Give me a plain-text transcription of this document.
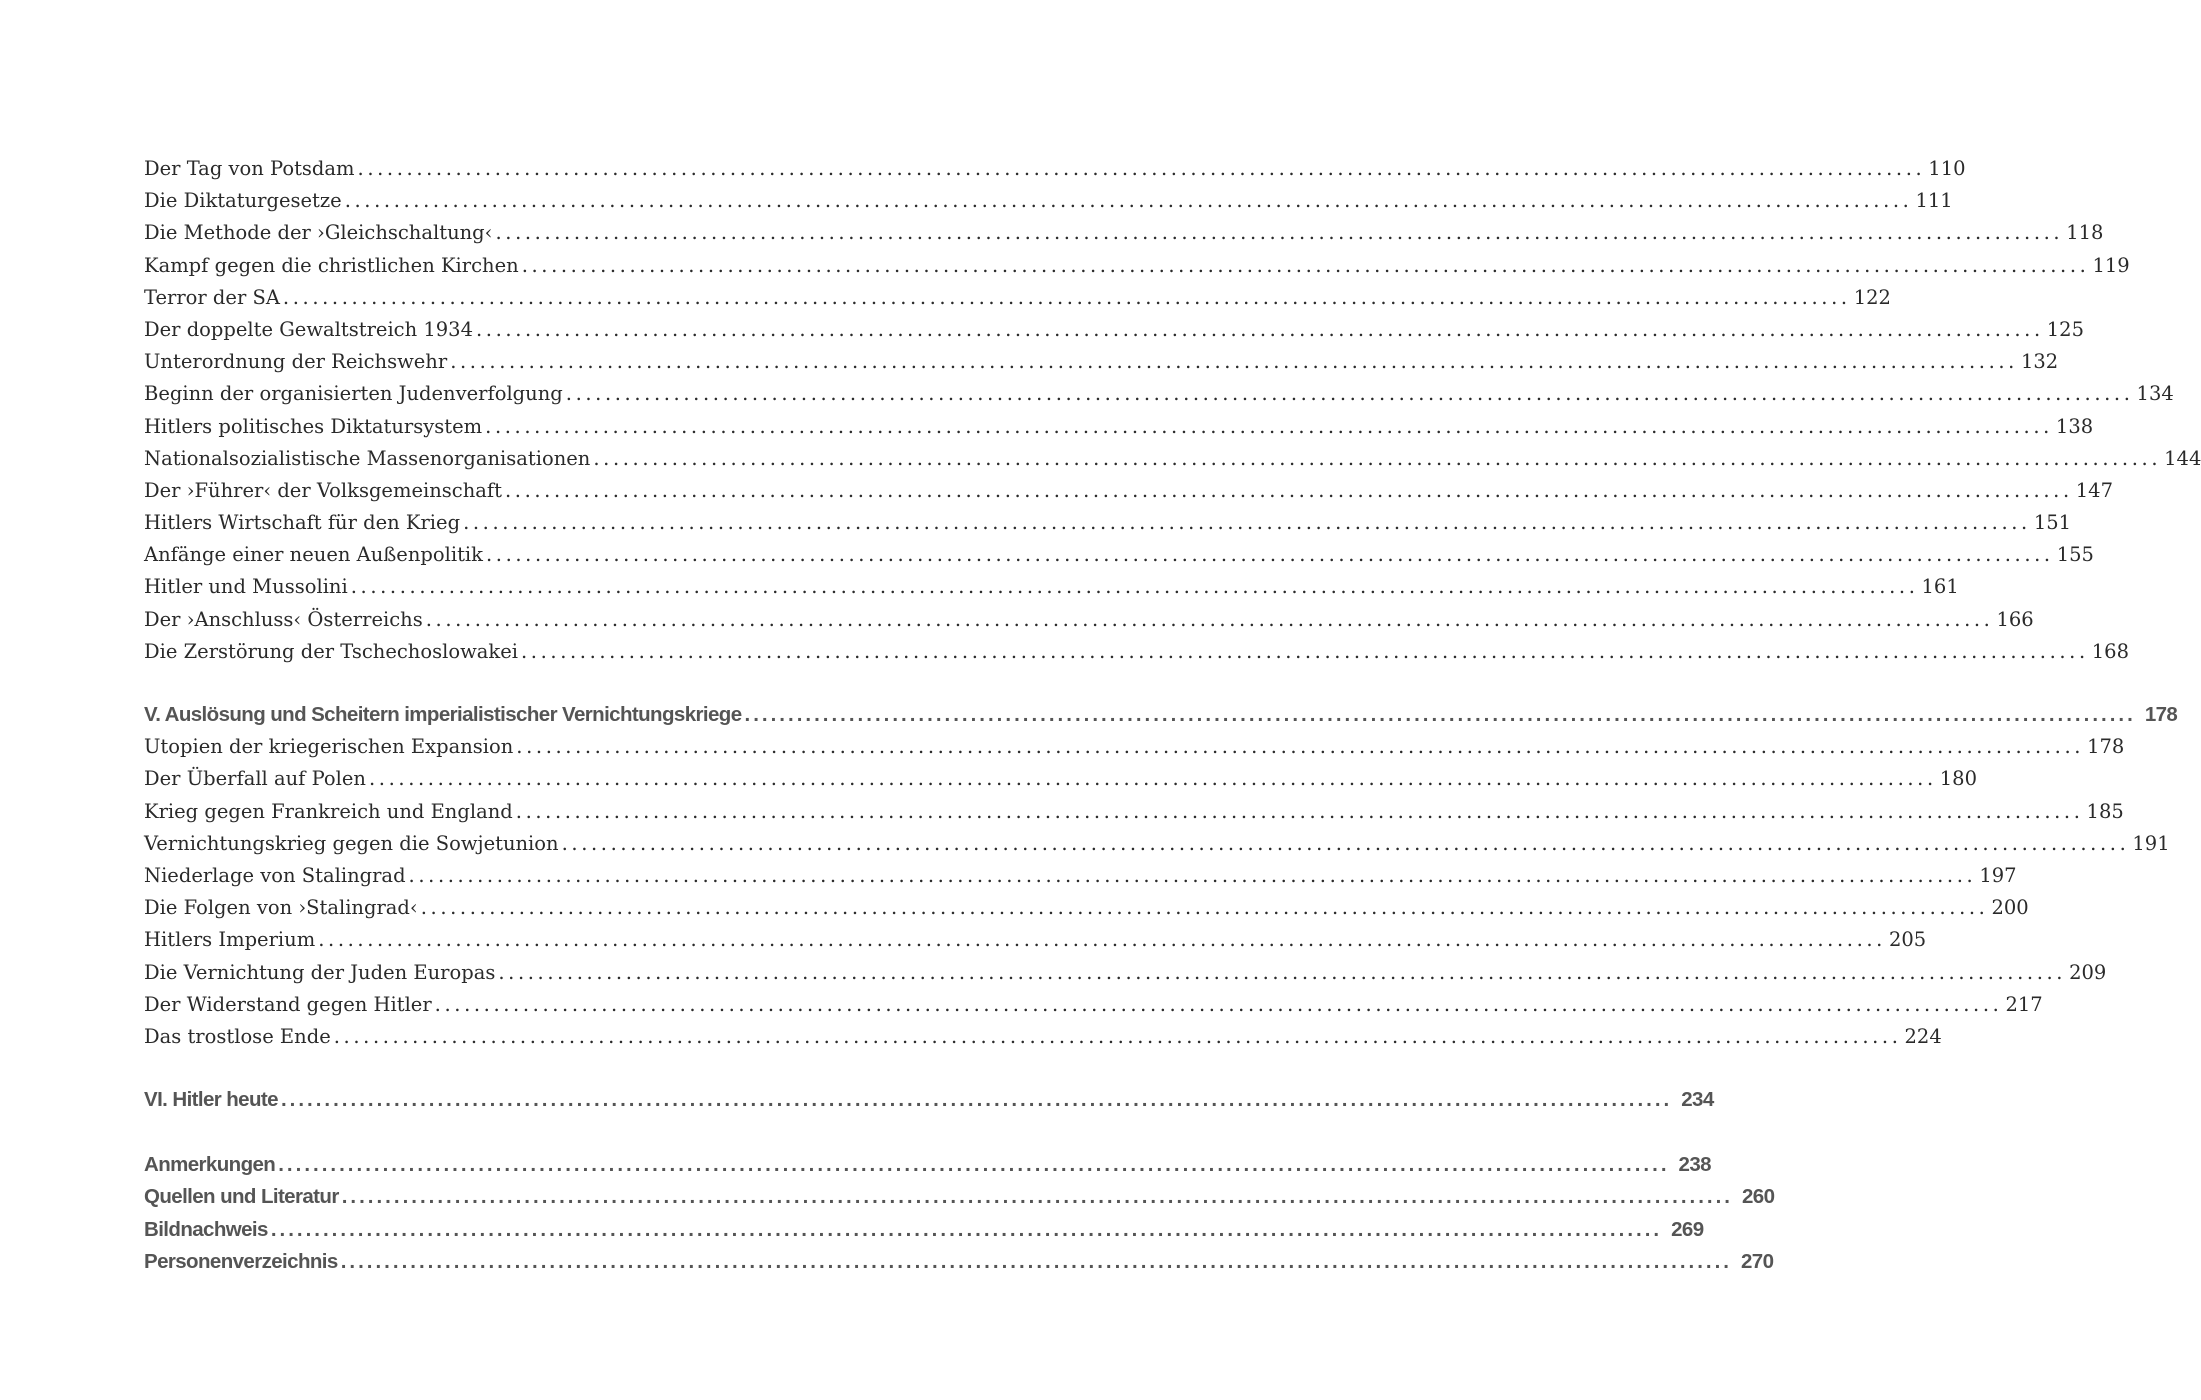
Der Tag von Potsdam ................................................................................................................................................................ 110
Die Diktaturgesetze ................................................................................................................................................................ 111
Die Methode der ›Gleichschaltung‹ ................................................................................................................................................................ 118
Kampf gegen die christlichen Kirchen ................................................................................................................................................................ 119
Terror der SA ................................................................................................................................................................ 122
Der doppelte Gewaltstreich 1934 ................................................................................................................................................................ 125
Unterordnung der Reichswehr ................................................................................................................................................................ 132
Beginn der organisierten Judenverfolgung ................................................................................................................................................................ 134
Hitlers politisches Diktatursystem ................................................................................................................................................................ 138
Nationalsozialistische Massenorganisationen ................................................................................................................................................................ 144
Der ›Führer‹ der Volksgemeinschaft ................................................................................................................................................................ 147
Hitlers Wirtschaft für den Krieg ................................................................................................................................................................ 151
Anfänge einer neuen Außenpolitik ................................................................................................................................................................ 155
Hitler und Mussolini ................................................................................................................................................................ 161
Der ›Anschluss‹ Österreichs ................................................................................................................................................................ 166
Die Zerstörung der Tschechoslowakei ................................................................................................................................................................ 168
V. Auslösung und Scheitern imperialistischer Vernichtungskriege ................................................................................................................................................................ 178
Utopien der kriegerischen Expansion ................................................................................................................................................................ 178
Der Überfall auf Polen ................................................................................................................................................................ 180
Krieg gegen Frankreich und England ................................................................................................................................................................ 185
Vernichtungskrieg gegen die Sowjetunion ................................................................................................................................................................ 191
Niederlage von Stalingrad ................................................................................................................................................................ 197
Die Folgen von ›Stalingrad‹ ................................................................................................................................................................ 200
Hitlers Imperium ................................................................................................................................................................ 205
Die Vernichtung der Juden Europas ................................................................................................................................................................ 209
Der Widerstand gegen Hitler ................................................................................................................................................................ 217
Das trostlose Ende ................................................................................................................................................................ 224
VI. Hitler heute ................................................................................................................................................................ 234
Anmerkungen ................................................................................................................................................................ 238
Quellen und Literatur ................................................................................................................................................................ 260
Bildnachweis ................................................................................................................................................................ 269
Personenverzeichnis ................................................................................................................................................................ 270
